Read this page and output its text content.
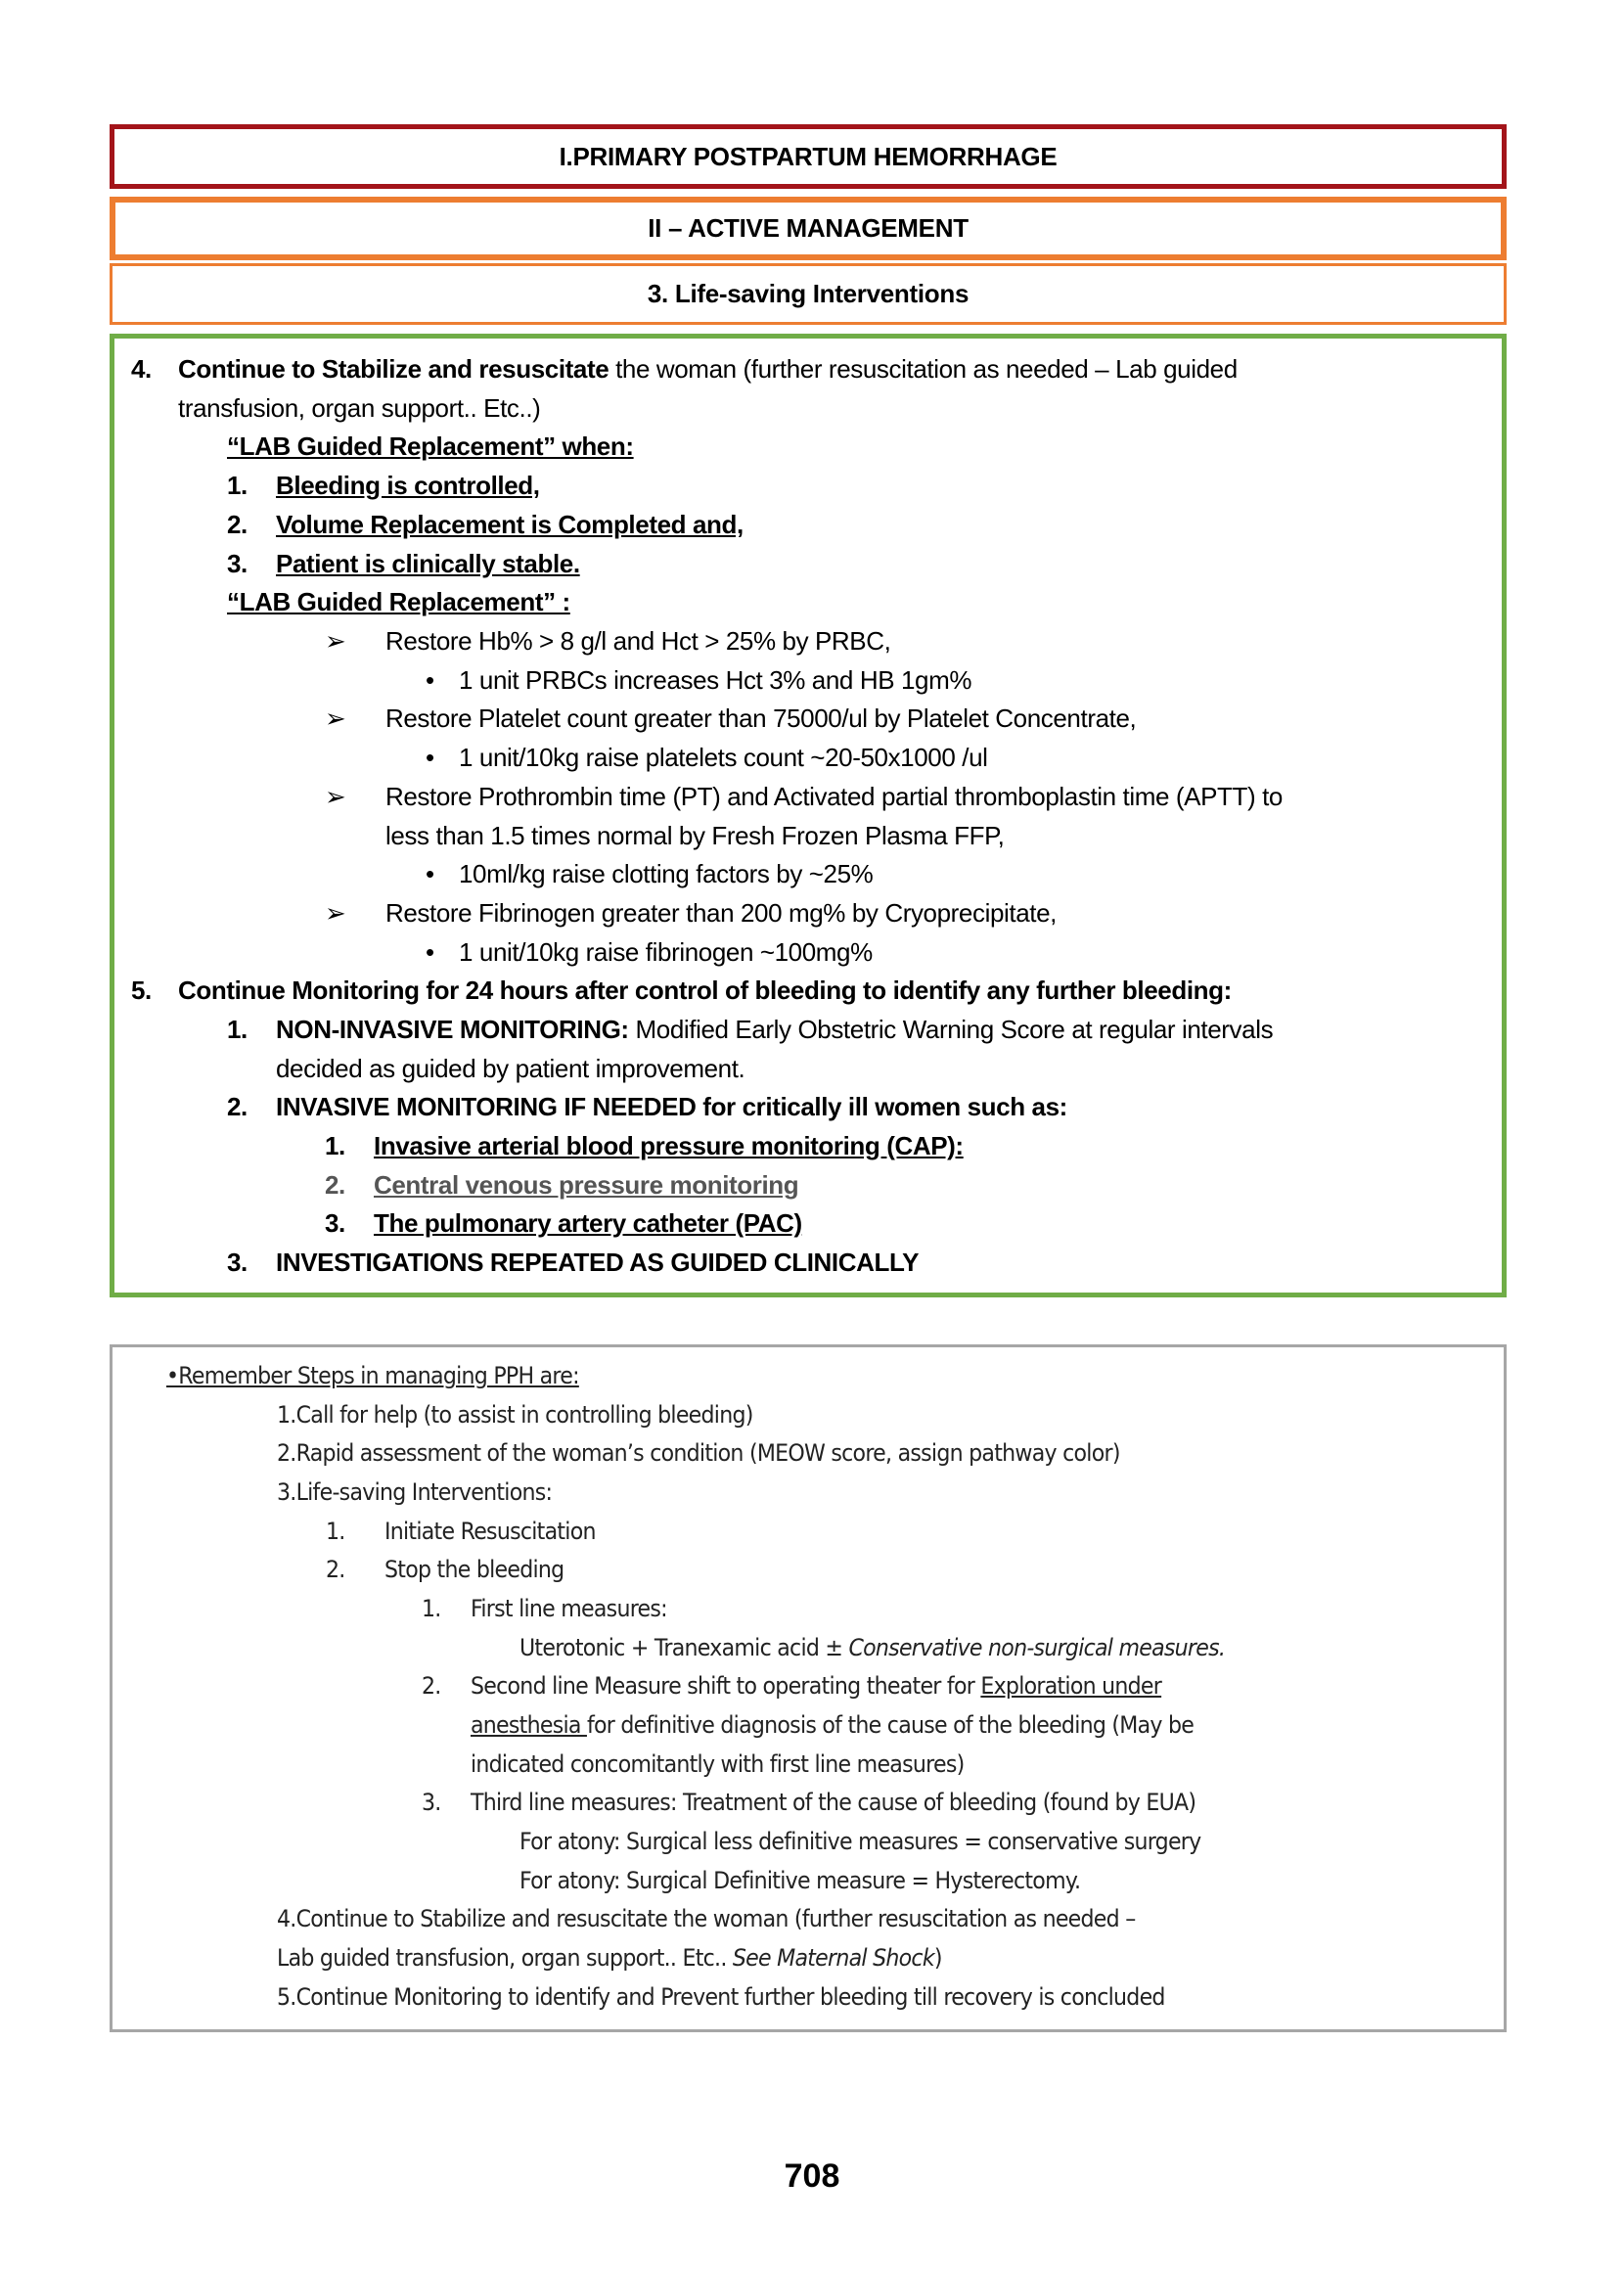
I.PRIMARY POSTPARTUM HEMORRHAGE
II – ACTIVE MANAGEMENT
3. Life-saving Interventions
4. Continue to Stabilize and resuscitate the woman (further resuscitation as needed – Lab guided
transfusion, organ support.. Etc..)
“LAB Guided Replacement” when:
1. Bleeding is controlled,
2. Volume Replacement is Completed and,
3. Patient is clinically stable.
“LAB Guided Replacement” :
➢ Restore Hb% > 8 g/l and Hct > 25% by PRBC,
• 1 unit PRBCs increases Hct 3% and HB 1gm%
➢ Restore Platelet count greater than 75000/ul by Platelet Concentrate,
• 1 unit/10kg raise platelets count ~20-50x1000 /ul
➢ Restore Prothrombin time (PT) and Activated partial thromboplastin time (APTT) to
less than 1.5 times normal by Fresh Frozen Plasma FFP,
• 10ml/kg raise clotting factors by ~25%
➢ Restore Fibrinogen greater than 200 mg% by Cryoprecipitate,
• 1 unit/10kg raise fibrinogen ~100mg%
5. Continue Monitoring for 24 hours after control of bleeding to identify any further bleeding:
1. NON-INVASIVE MONITORING: Modified Early Obstetric Warning Score at regular intervals
decided as guided by patient improvement.
2. INVASIVE MONITORING IF NEEDED for critically ill women such as:
1. Invasive arterial blood pressure monitoring (CAP):
2. Central venous pressure monitoring
3. The pulmonary artery catheter (PAC)
3. INVESTIGATIONS REPEATED AS GUIDED CLINICALLY
•Remember Steps in managing PPH are:
1.Call for help (to assist in controlling bleeding)
2.Rapid assessment of the woman’s condition (MEOW score, assign pathway color)
3.Life-saving Interventions:
1. Initiate Resuscitation
2. Stop the bleeding
1. First line measures:
Uterotonic + Tranexamic acid ± Conservative non-surgical measures.
2. Second line Measure shift to operating theater for Exploration under
anesthesia for definitive diagnosis of the cause of the bleeding (May be
indicated concomitantly with first line measures)
3. Third line measures: Treatment of the cause of bleeding (found by EUA)
For atony: Surgical less definitive measures = conservative surgery
For atony: Surgical Definitive measure = Hysterectomy.
4.Continue to Stabilize and resuscitate the woman (further resuscitation as needed –
Lab guided transfusion, organ support.. Etc.. See Maternal Shock)
5.Continue Monitoring to identify and Prevent further bleeding till recovery is concluded
708
